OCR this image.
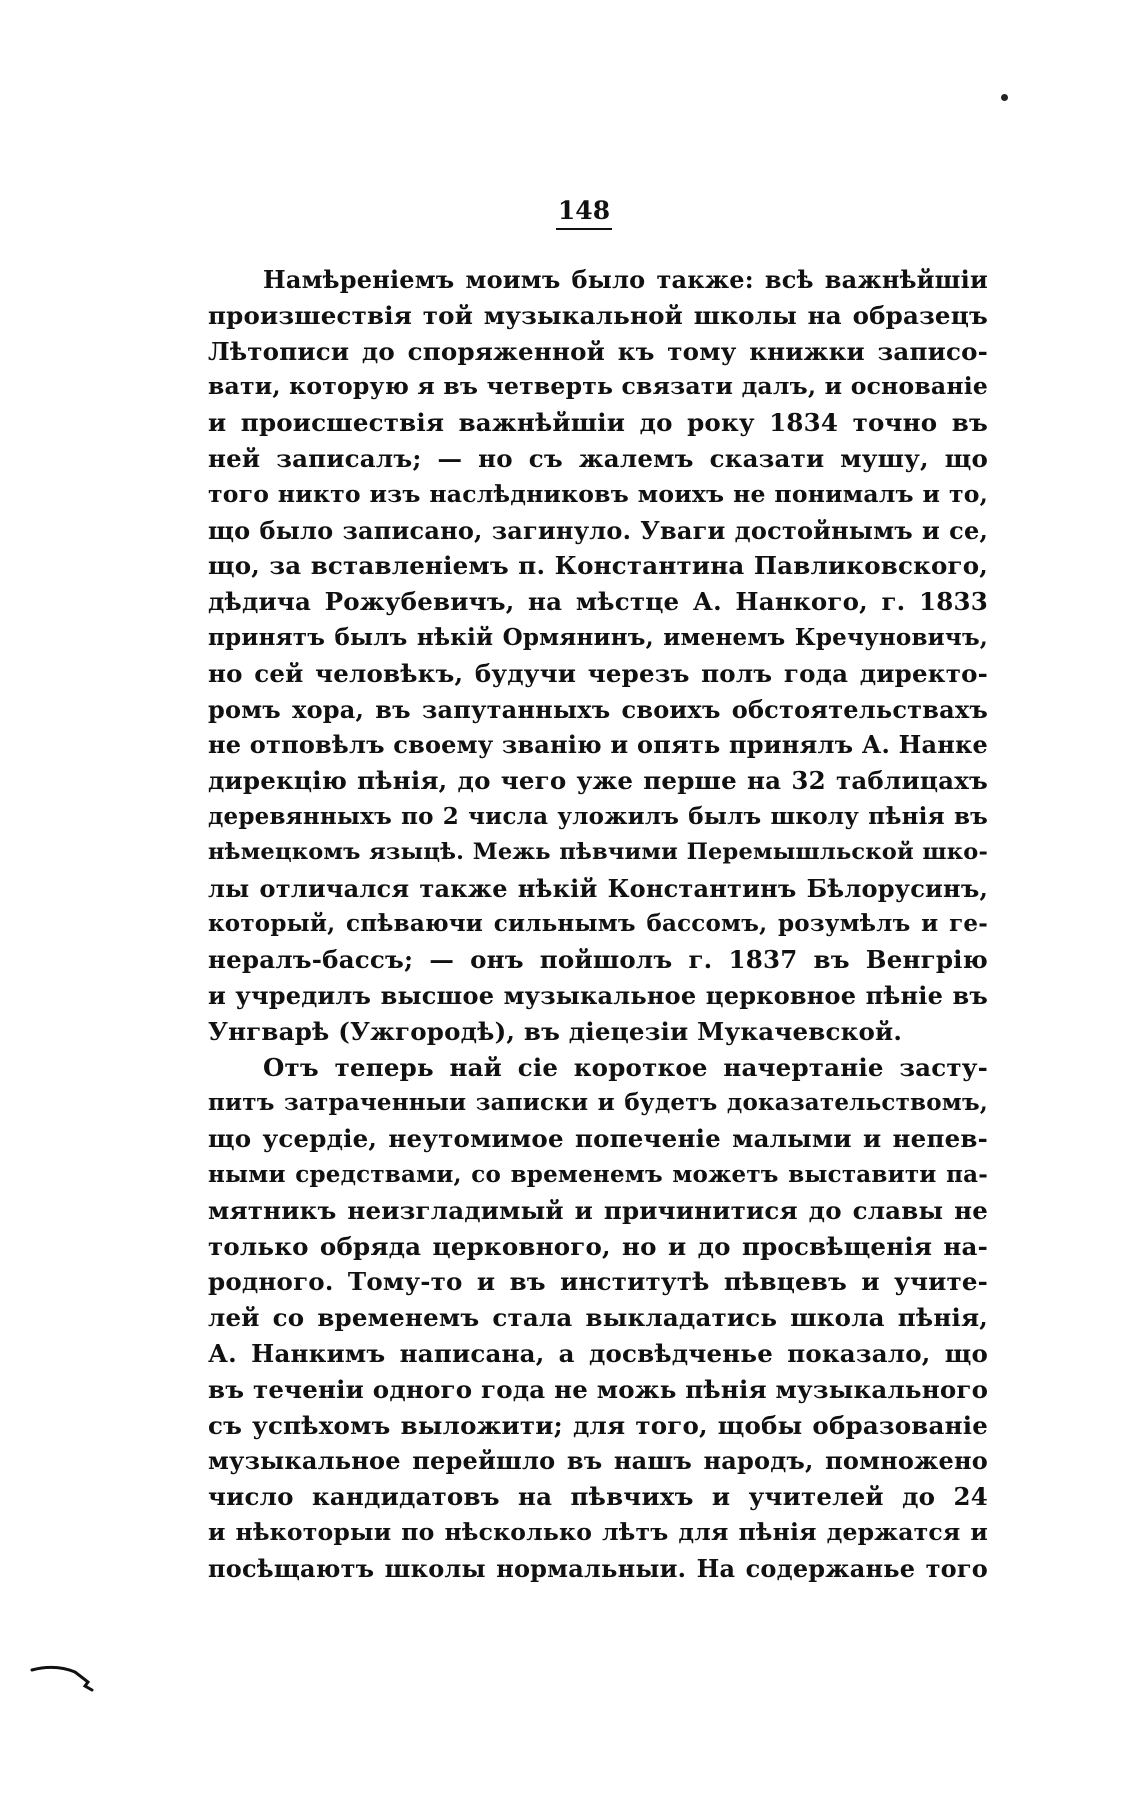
148
Намѣреніемъ моимъ было также: всѣ важнѣйшіи
произшествія той музыкальной школы на образецъ
Лѣтописи до споряженной къ тому книжки записо-
вати, которую я въ четверть связати далъ, и основаніе
и происшествія важнѣйшіи до року 1834 точно въ
ней записалъ; — но съ жалемъ сказати мушу, що
того никто изъ наслѣдниковъ моихъ не понималъ и то,
що было записано, загинуло. Уваги достойнымъ и се,
що, за вставленіемъ п. Константина Павликовского,
дѣдича Рожубевичъ, на мѣстце А. Нанкого, г. 1833
принятъ былъ нѣкій Ормянинъ, именемъ Кречуновичъ,
но сей человѣкъ, будучи черезъ полъ года директо-
ромъ хора, въ запутанныхъ своихъ обстоятельствахъ
не отповѣлъ своему званію и опять принялъ А. Нанке
дирекцію пѣнія, до чего уже перше на 32 таблицахъ
деревянныхъ по 2 числа уложилъ былъ школу пѣнія въ
нѣмецкомъ языцѣ. Межь пѣвчими Перемышльской шко-
лы отличался также нѣкій Константинъ Бѣлорусинъ,
который, спѣваючи сильнымъ бассомъ, розумѣлъ и ге-
нералъ-бассъ; — онъ пойшолъ г. 1837 въ Венгрію
и учредилъ высшое музыкальное церковное пѣніе въ
Унгварѣ (Ужгородѣ), въ діецезіи Мукачевской.
Отъ теперь най сіе короткое начертаніе засту-
питъ затраченныи записки и будетъ доказательствомъ,
що усердіе, неутомимое попеченіе малыми и непев-
ными средствами, со временемъ можетъ выставити па-
мятникъ неизгладимый и причинитися до славы не
только обряда церковного, но и до просвѣщенія на-
родного. Тому-то и въ институтѣ пѣвцевъ и учите-
лей со временемъ стала выкладатись школа пѣнія,
А. Нанкимъ написана, а досвѣдченье показало, що
въ теченіи одного года не можь пѣнія музыкального
съ успѣхомъ выложити; для того, щобы образованіе
музыкальное перейшло въ нашъ народъ, помножено
число кандидатовъ на пѣвчихъ и учителей до 24
и нѣкоторыи по нѣсколько лѣтъ для пѣнія держатся и
посѣщаютъ школы нормальныи. На содержанье того
